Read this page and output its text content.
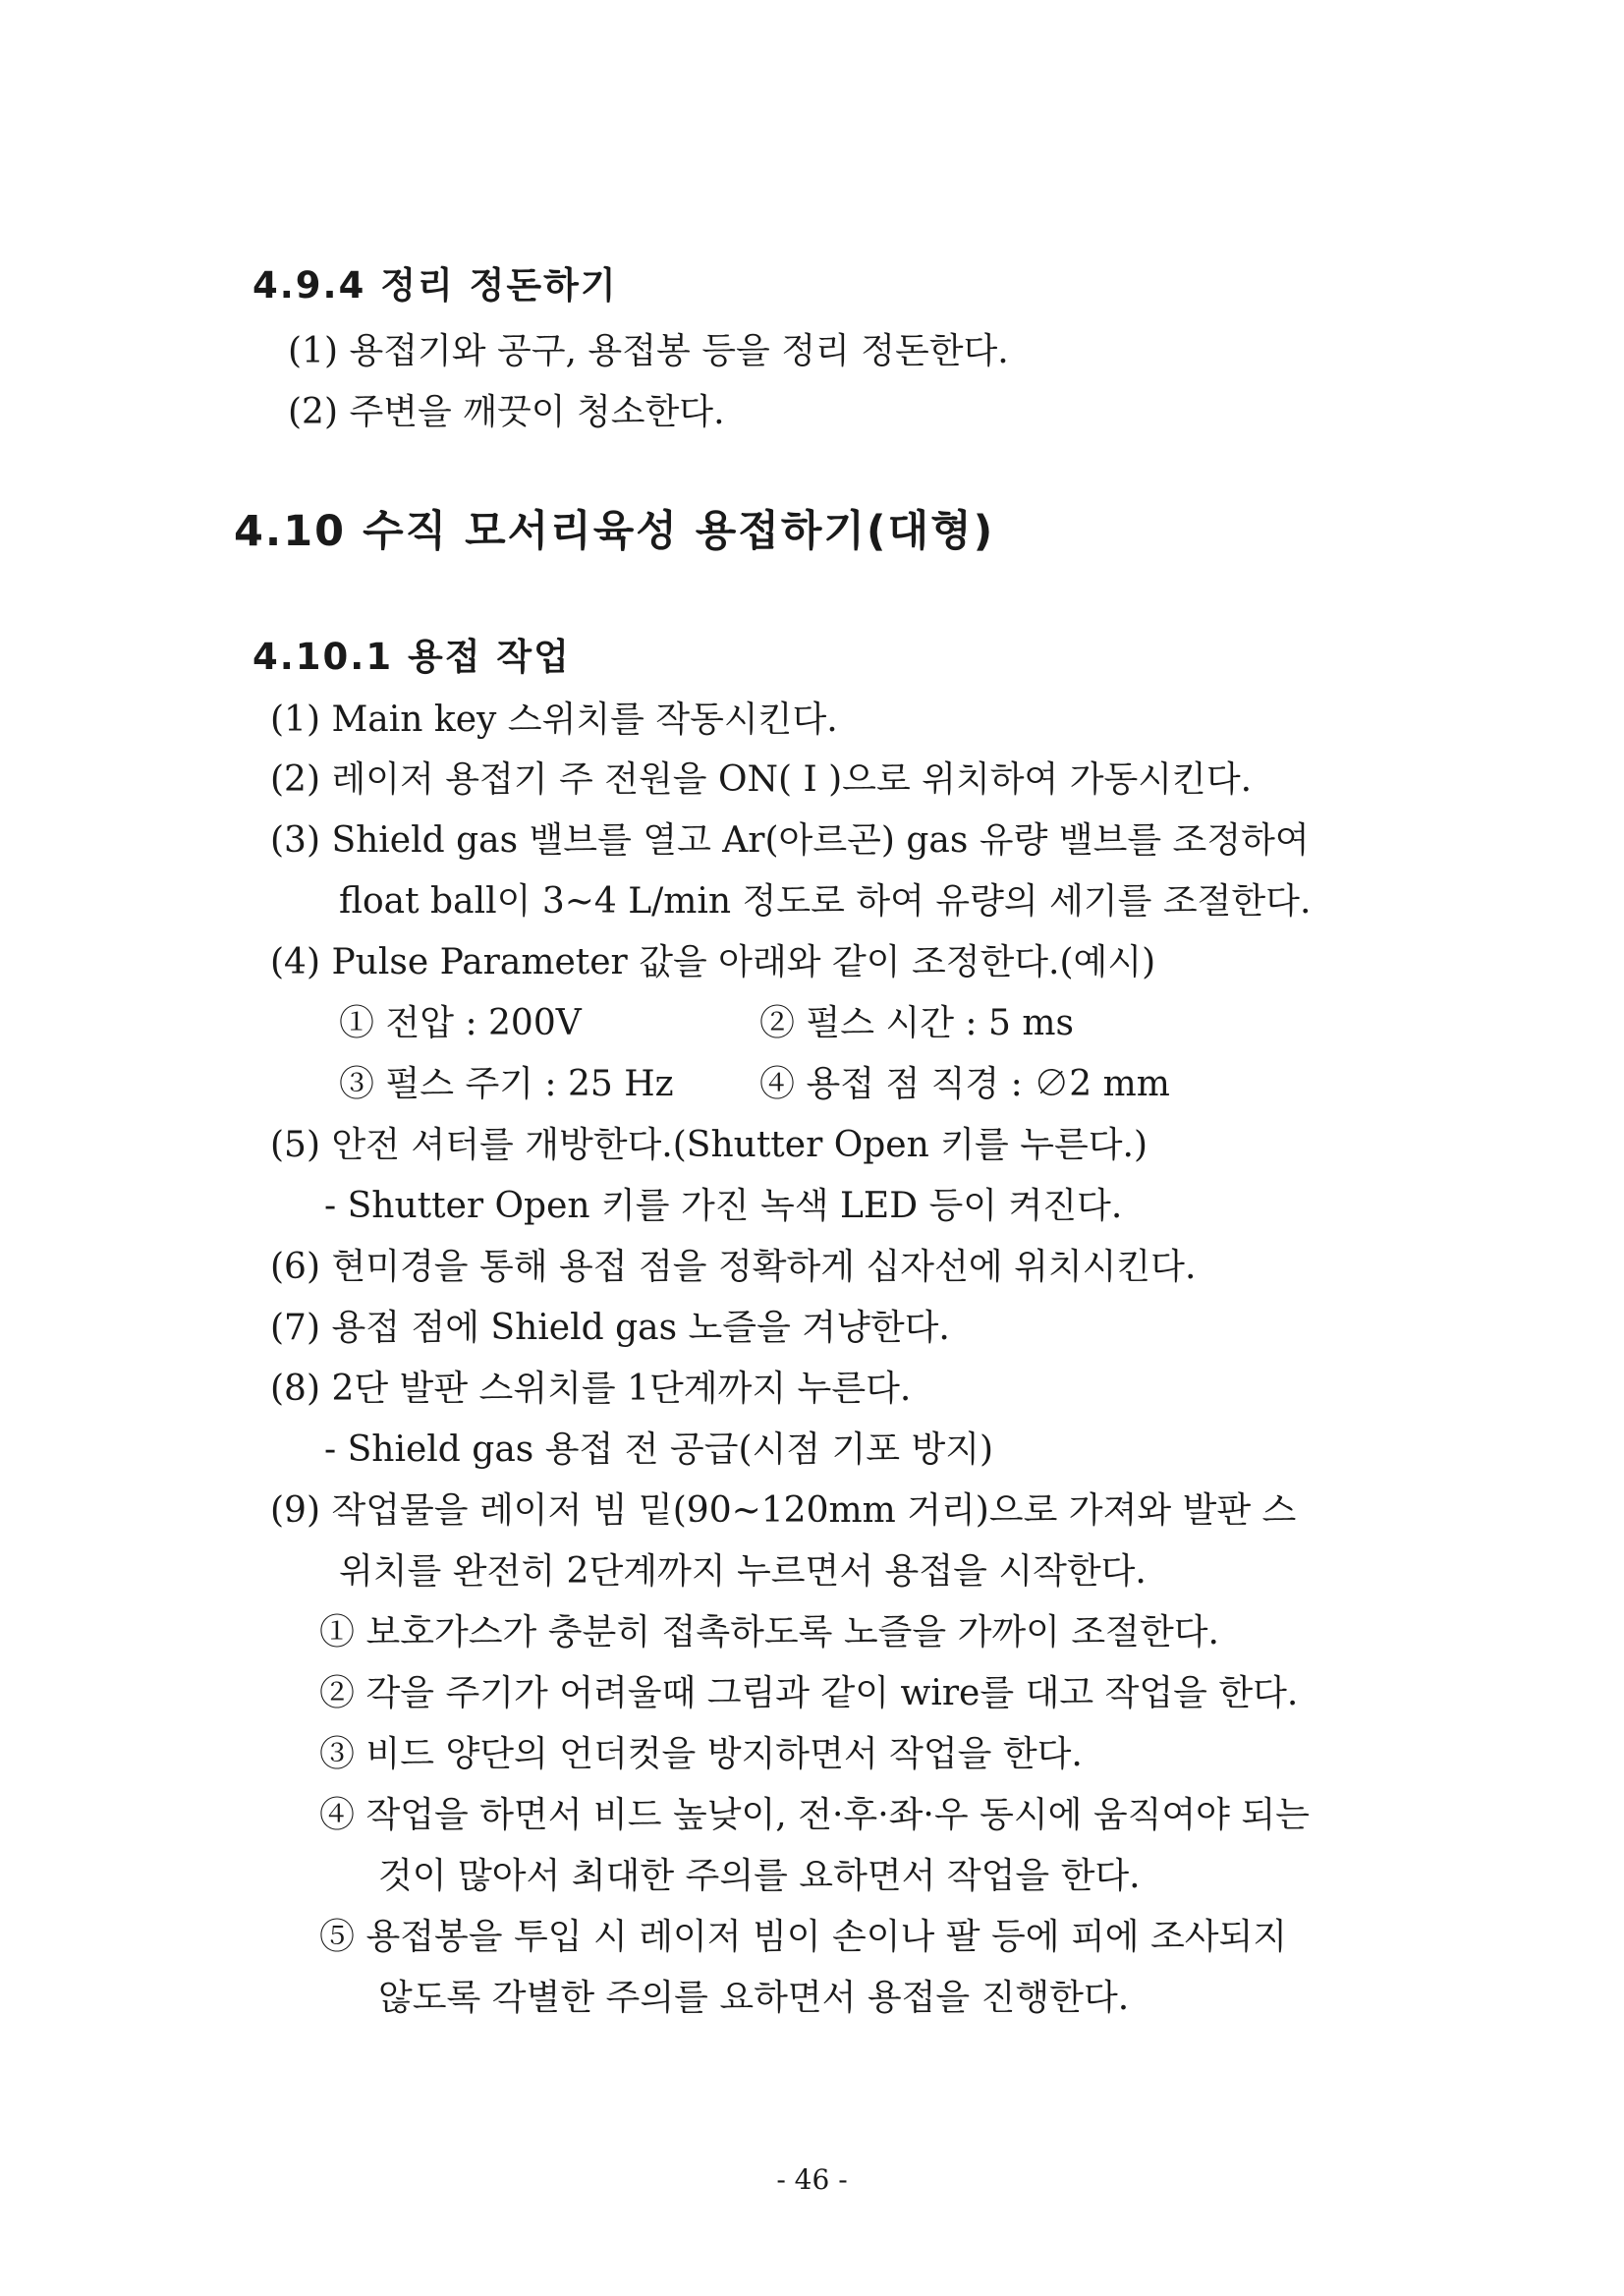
4.9.4 정리 정돈하기
(1) 용접기와 공구, 용접봉 등을 정리 정돈한다.
(2) 주변을 깨끗이 청소한다.
4.10 수직 모서리육성 용접하기(대형)
4.10.1 용접 작업
(1) Main key 스위치를 작동시킨다.
(2) 레이저 용접기 주 전원을 ON( I )으로 위치하여 가동시킨다.
(3) Shield gas 밸브를 열고 Ar(아르곤) gas 유량 밸브를 조정하여
float ball이 3~4 L/min 정도로 하여 유량의 세기를 조절한다.
(4) Pulse Parameter 값을 아래와 같이 조정한다.(예시)
① 전압 : 200V	② 펄스 시간 : 5 ms
③ 펄스 주기 : 25 Hz ④ 용접 점 직경 : ∅2 mm
(5) 안전 셔터를 개방한다.(Shutter Open 키를 누른다.)
- Shutter Open 키를 가진 녹색 LED 등이 켜진다.
(6) 현미경을 통해 용접 점을 정확하게 십자선에 위치시킨다.
(7) 용접 점에 Shield gas 노즐을 겨냥한다.
(8) 2단 발판 스위치를 1단계까지 누른다.
- Shield gas 용접 전 공급(시점 기포 방지)
(9) 작업물을 레이저 빔 밑(90~120mm 거리)으로 가져와 발판 스
위치를 완전히 2단계까지 누르면서 용접을 시작한다.
① 보호가스가 충분히 접촉하도록 노즐을 가까이 조절한다.
② 각을 주기가 어려울때 그림과 같이 wire를 대고 작업을 한다.
③ 비드 양단의 언더컷을 방지하면서 작업을 한다.
④ 작업을 하면서 비드 높낮이, 전·후·좌·우 동시에 움직여야 되는
것이 많아서 최대한 주의를 요하면서 작업을 한다.
⑤ 용접봉을 투입 시 레이저 빔이 손이나 팔 등에 피에 조사되지
않도록 각별한 주의를 요하면서 용접을 진행한다.
- 46 -
